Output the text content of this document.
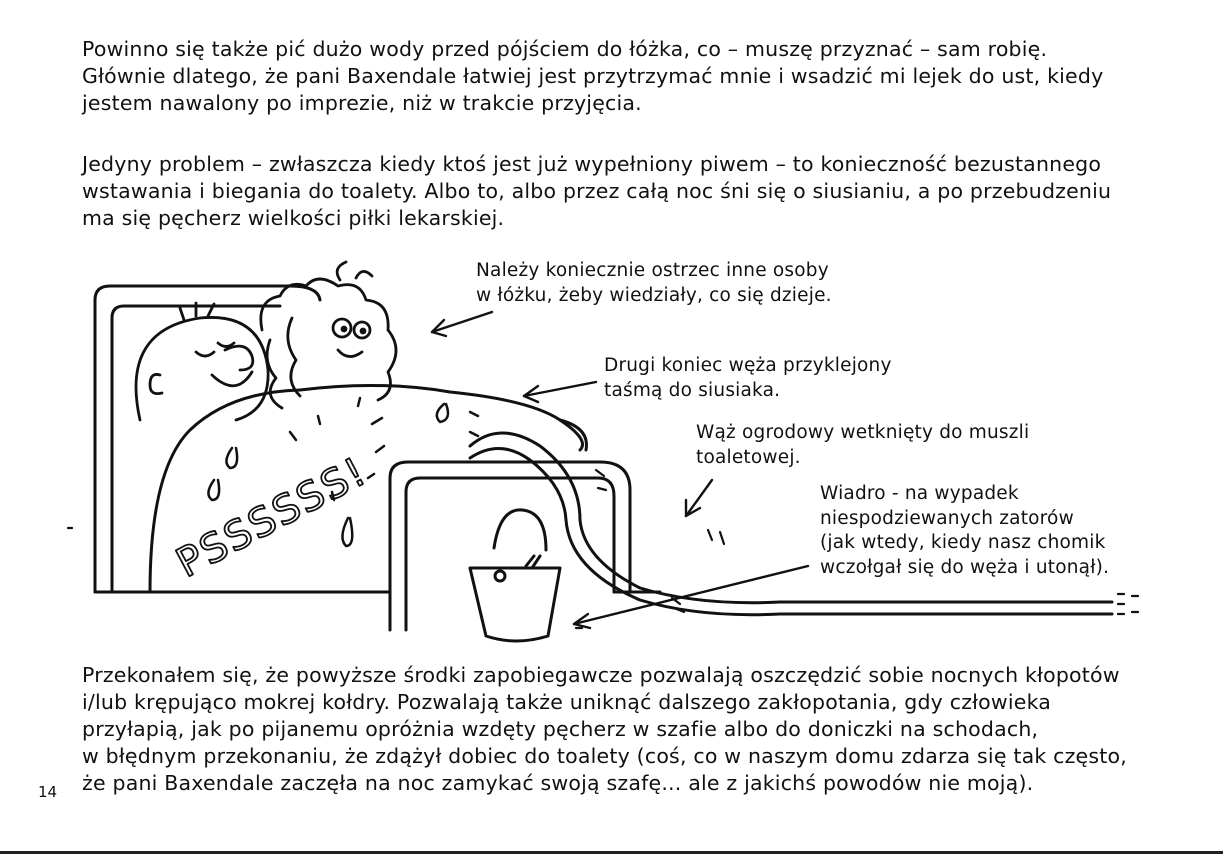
Powinno się także pić dużo wody przed pójściem do łóżka, co – muszę przyznać – sam robię.

Głównie dlatego, że pani Baxendale łatwiej jest przytrzymać mnie i wsadzić mi lejek do ust, kiedy

jestem nawalony po imprezie, niż w trakcie przyjęcia.

Jedyny problem – zwłaszcza kiedy ktoś jest już wypełniony piwem – to konieczność bezustannego

wstawania i biegania do toalety. Albo to, albo przez całą noc śni się o siusianiu, a po przebudzeniu

ma się pęcherz wielkości piłki lekarskiej.

PSSSSSS!

Należy koniecznie ostrzec inne osoby

w łóżku, żeby wiedziały, co się dzieje.

Drugi koniec węża przyklejony

taśmą do siusiaka.

Wąż ogrodowy wetknięty do muszli

toaletowej.

Wiadro - na wypadek

niespodziewanych zatorów

(jak wtedy, kiedy nasz chomik

wczołgał się do węża i utonął).

Przekonałem się, że powyższe środki zapobiegawcze pozwalają oszczędzić sobie nocnych kłopotów

i/lub krępująco mokrej kołdry. Pozwalają także uniknąć dalszego zakłopotania, gdy człowieka

przyłapią, jak po pijanemu opróżnia wzdęty pęcherz w szafie albo do doniczki na schodach,

w błędnym przekonaniu, że zdążył dobiec do toalety (coś, co w naszym domu zdarza się tak często,

że pani Baxendale zaczęła na noc zamykać swoją szafę... ale z jakichś powodów nie moją).

14
